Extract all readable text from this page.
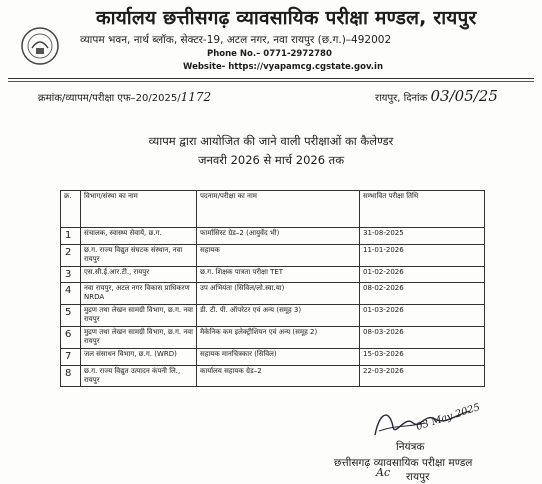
कार्यालय छत्तीसगढ़ व्यावसायिक परीक्षा मण्डल, रायपुर
व्यापम भवन, नार्थ ब्लॉक, सेक्टर-19, अटल नगर, नवा रायपुर (छ.ग.)–492002
Phone No.– 0771-2972780
Website- https://vyapamcg.cgstate.gov.in
क्रमांक/व्यापम/परीक्षा एफ–20/2025/1172	रायपुर, दिनांक 03/05/25
व्यापम द्वारा आयोजित की जाने वाली परीक्षाओं का कैलेण्डर
जनवरी 2026 से मार्च 2026 तक
क्र.	विभाग/संस्था का नाम	पदनाम/परीक्षा का नाम	सम्भावित परीक्षा तिथि
1	संचालक, स्वास्थ्य सेवायें, छ.ग.	फार्मासिस्ट ग्रेड–2 (आयुर्वेद भी)	31-08-2025
2	छ.ग. राज्य विद्युत संघटक संस्थान, नवा रायपुर	सहायक	11-01-2026
3	एस.सी.ई.आर.टी., रायपुर	छ.ग. शिक्षक पात्रता परीक्षा TET	01-02-2026
4	नवा रायपुर, अटल नगर विकास प्राधिकरण NRDA	उप अभियंता (सिविल/लो.स्वा.या)	08-02-2026
5	मुद्रण तथा लेखन सामग्री विभाग, छ.ग. नवा रायपुर	डी. टी. पी. ऑपरेटर एवं अन्य (समूह 3)	01-03-2026
6	मुद्रण तथा लेखन सामग्री विभाग, छ.ग. नवा रायपुर	मैकेनिक कम इलेक्ट्रीशियन एवं अन्य (समूह 2)	08-03-2026
7	जल संसाधन विभाग, छ.ग. (WRD)	सहायक मानचित्रकार (सिविल)	15-03-2026
8	छ.ग. राज्य विद्युत उत्पादन कंपनी लि., रायपुर	कार्यालय सहायक ग्रेड–2	22-03-2026
03 May 2025
नियंत्रक
छत्तीसगढ़ व्यावसायिक परीक्षा मण्डल
Ac रायपुर
